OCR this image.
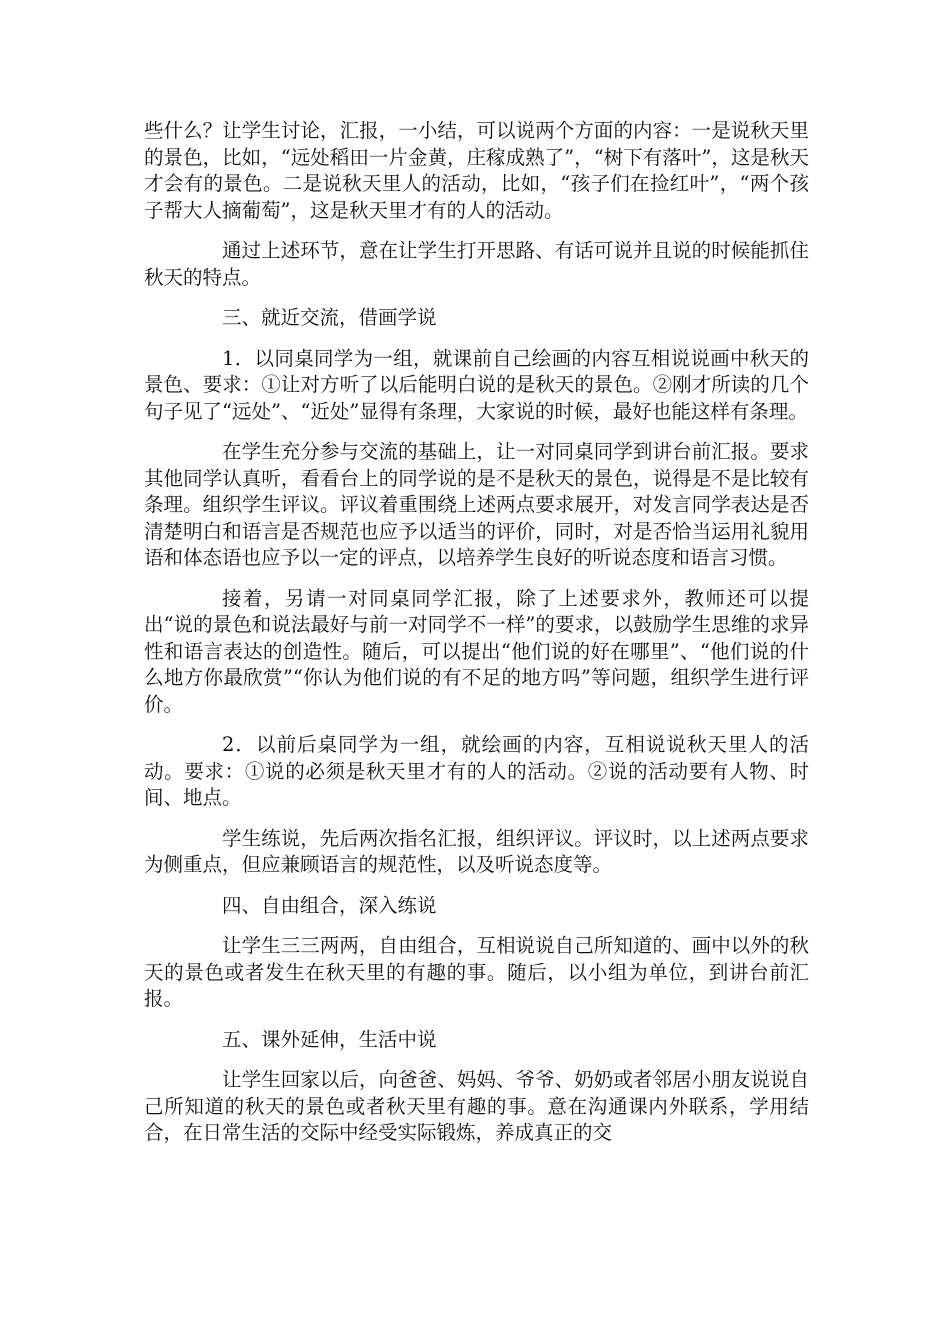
些什么？让学生讨论，汇报，一小结，可以说两个方面的内容：一是说秋天里的景色，比如，“远处稻田一片金黄，庄稼成熟了”，“树下有落叶”，这是秋天才会有的景色。二是说秋天里人的活动，比如，“孩子们在捡红叶”，“两个孩子帮大人摘葡萄”，这是秋天里才有的人的活动。

通过上述环节，意在让学生打开思路、有话可说并且说的时候能抓住秋天的特点。

三、就近交流，借画学说

1．以同桌同学为一组，就课前自己绘画的内容互相说说画中秋天的景色、要求：①让对方听了以后能明白说的是秋天的景色。②刚才所读的几个句子见了“远处”、“近处”显得有条理，大家说的时候，最好也能这样有条理。

在学生充分参与交流的基础上，让一对同桌同学到讲台前汇报。要求其他同学认真听，看看台上的同学说的是不是秋天的景色，说得是不是比较有条理。组织学生评议。评议着重围绕上述两点要求展开，对发言同学表达是否清楚明白和语言是否规范也应予以适当的评价，同时，对是否恰当运用礼貌用语和体态语也应予以一定的评点，以培养学生良好的听说态度和语言习惯。

接着，另请一对同桌同学汇报，除了上述要求外，教师还可以提出“说的景色和说法最好与前一对同学不一样”的要求，以鼓励学生思维的求异性和语言表达的创造性。随后，可以提出“他们说的好在哪里”、“他们说的什么地方你最欣赏”“你认为他们说的有不足的地方吗”等问题，组织学生进行评价。

2．以前后桌同学为一组，就绘画的内容，互相说说秋天里人的活动。要求：①说的必须是秋天里才有的人的活动。②说的活动要有人物、时间、地点。

学生练说，先后两次指名汇报，组织评议。评议时，以上述两点要求为侧重点，但应兼顾语言的规范性，以及听说态度等。

四、自由组合，深入练说

让学生三三两两，自由组合，互相说说自己所知道的、画中以外的秋天的景色或者发生在秋天里的有趣的事。随后，以小组为单位，到讲台前汇报。

五、课外延伸，生活中说

让学生回家以后，向爸爸、妈妈、爷爷、奶奶或者邻居小朋友说说自己所知道的秋天的景色或者秋天里有趣的事。意在沟通课内外联系，学用结合，在日常生活的交际中经受实际锻炼，养成真正的交
